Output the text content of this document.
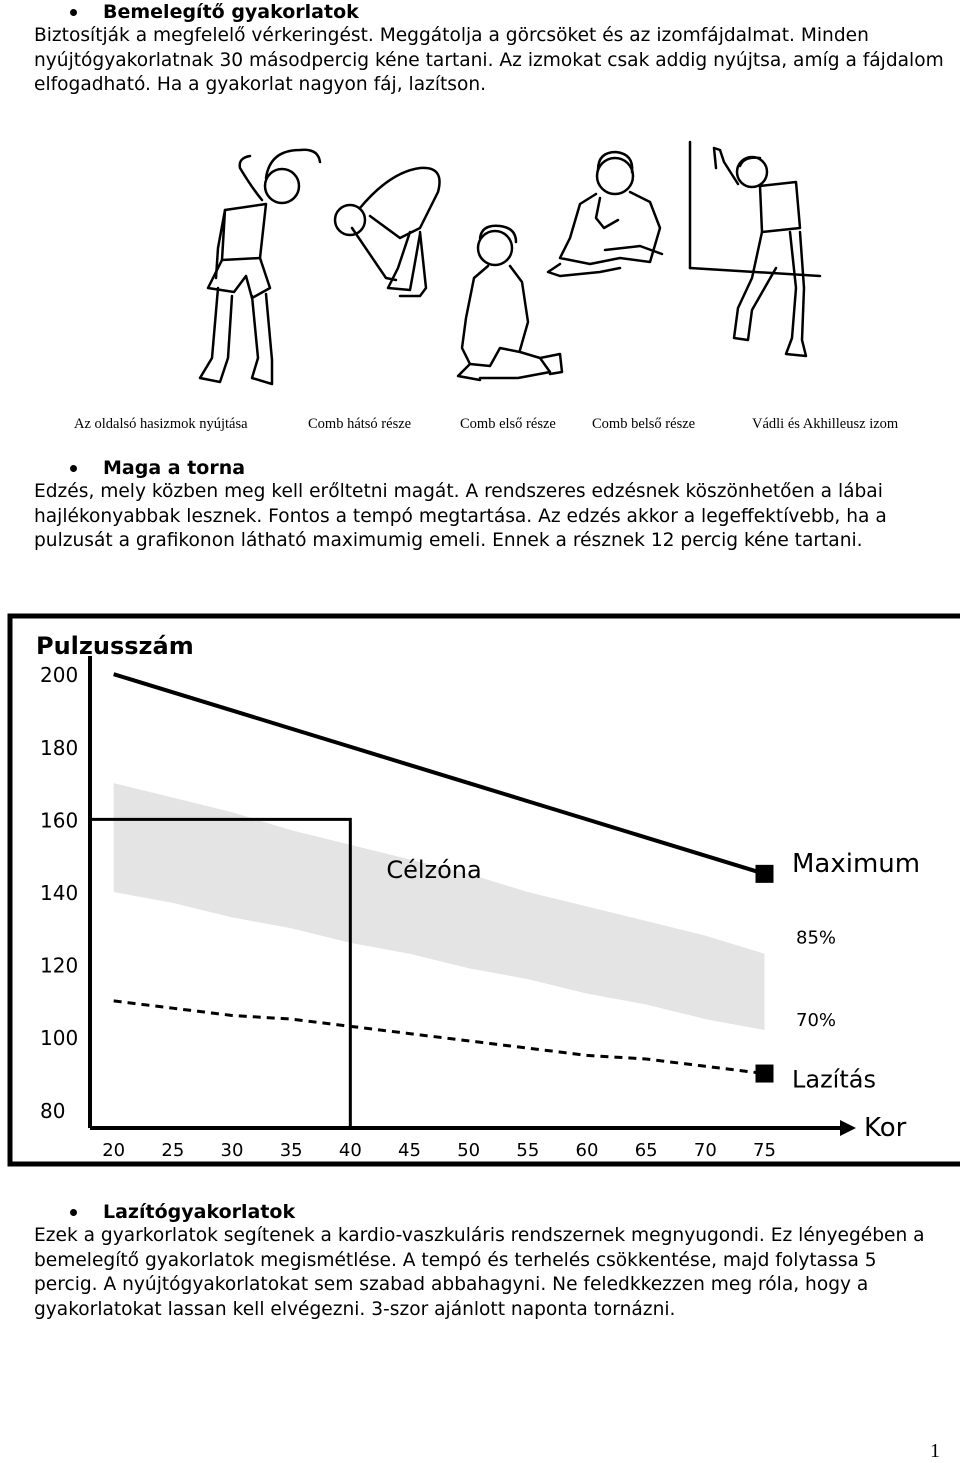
Bemelegítő gyakorlatok

Biztosítják a megfelelő vérkeringést. Meggátolja a görcsöket és az izomfájdalmat. Minden nyújtógyakorlatnak 30 másodpercig kéne tartani. Az izmokat csak addig nyújtsa, amíg a fájdalom elfogadható. Ha a gyakorlat nagyon fáj, lazítson.

Az oldalsó hasizmok nyújtása	Comb hátsó része	Comb első része Comb belső része	Vádli és Akhilleusz izom
Maga a torna

Edzés, mely közben meg kell erőltetni magát. A rendszeres edzésnek köszönhetően a lábai hajlékonyabbak lesznek. Fontos a tempó megtartása. Az edzés akkor a legeffektívebb, ha a pulzusát a grafikonon látható maximumig emeli. Ennek a résznek 12 percig kéne tartani.

80
100
120
140
160
180
200
20 25 30 35 40 45 50 55 60 65 70 75
Pulzusszám
Kor
Maximum
85%
70%
Lazítás
Célzóna
Lazítógyakorlatok

Ezek a gyarkorlatok segítenek a kardio-vaszkuláris rendszernek megnyugondi. Ez lényegében a bemelegítő gyakorlatok megismétlése. A tempó és terhelés csökkentése, majd folytassa 5 percig. A nyújtógyakorlatokat sem szabad abbahagyni. Ne feledkkezzen meg róla, hogy a gyakorlatokat lassan kell elvégezni. 3-szor ajánlott naponta tornázni.

1
